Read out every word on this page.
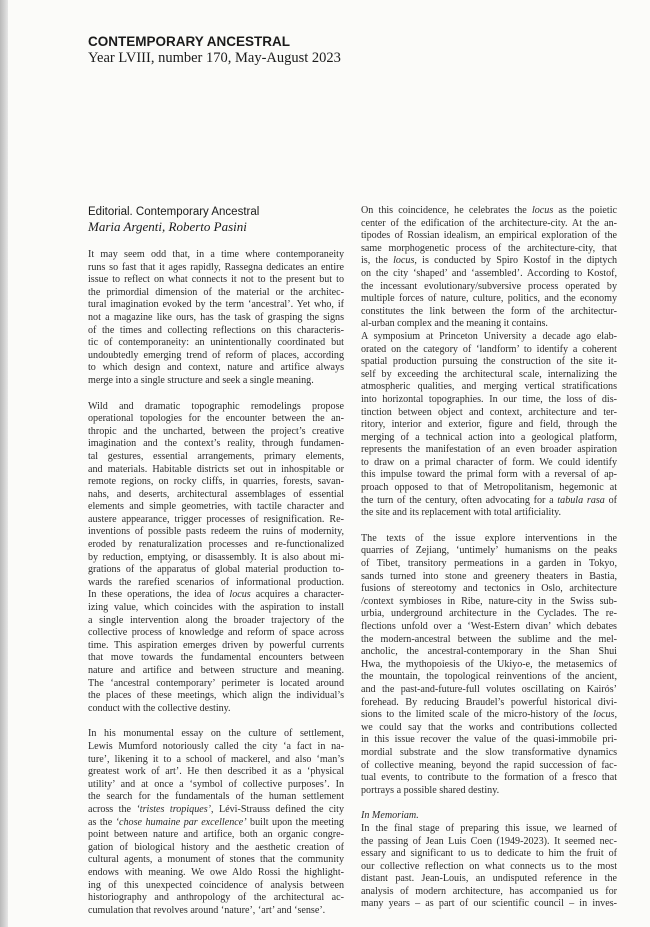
CONTEMPORARY ANCESTRAL
Year LVIII, number 170, May-August 2023
Editorial. Contemporary Ancestral
Maria Argenti, Roberto Pasini

It may seem odd that, in a time where contemporaneity

runs so fast that it ages rapidly, Rassegna dedicates an entire

issue to reflect on what connects it not to the present but to

the primordial dimension of the material or the architec-

tural imagination evoked by the term ‘ancestral’. Yet who, if

not a magazine like ours, has the task of grasping the signs

of the times and collecting reflections on this characteris-

tic of contemporaneity: an unintentionally coordinated but

undoubtedly emerging trend of reform of places, according

to which design and context, nature and artifice always

merge into a single structure and seek a single meaning.

Wild and dramatic topographic remodelings propose

operational topologies for the encounter between the an-

thropic and the uncharted, between the project’s creative

imagination and the context’s reality, through fundamen-

tal gestures, essential arrangements, primary elements,

and materials. Habitable districts set out in inhospitable or

remote regions, on rocky cliffs, in quarries, forests, savan-

nahs, and deserts, architectural assemblages of essential

elements and simple geometries, with tactile character and

austere appearance, trigger processes of resignification. Re-

inventions of possible pasts redeem the ruins of modernity,

eroded by renaturalization processes and re-functionalized

by reduction, emptying, or disassembly. It is also about mi-

grations of the apparatus of global material production to-

wards the rarefied scenarios of informational production.

In these operations, the idea of locus acquires a character-

izing value, which coincides with the aspiration to install

a single intervention along the broader trajectory of the

collective process of knowledge and reform of space across

time. This aspiration emerges driven by powerful currents

that move towards the fundamental encounters between

nature and artifice and between structure and meaning.

The ‘ancestral contemporary’ perimeter is located around

the places of these meetings, which align the individual’s

conduct with the collective destiny.

In his monumental essay on the culture of settlement,

Lewis Mumford notoriously called the city ‘a fact in na-

ture’, likening it to a school of mackerel, and also ‘man’s

greatest work of art’. He then described it as a ‘physical

utility’ and at once a ‘symbol of collective purposes’. In

the search for the fundamentals of the human settlement

across the ‘tristes tropiques’, Lévi-Strauss defined the city

as the ‘chose humaine par excellence’ built upon the meeting

point between nature and artifice, both an organic congre-

gation of biological history and the aesthetic creation of

cultural agents, a monument of stones that the community

endows with meaning. We owe Aldo Rossi the highlight-

ing of this unexpected coincidence of analysis between

historiography and anthropology of the architectural ac-

cumulation that revolves around ‘nature’, ‘art’ and ‘sense’.

On this coincidence, he celebrates the locus as the poietic

center of the edification of the architecture-city. At the an-

tipodes of Rossian idealism, an empirical exploration of the

same morphogenetic process of the architecture-city, that

is, the locus, is conducted by Spiro Kostof in the diptych

on the city ‘shaped’ and ‘assembled’. According to Kostof,

the incessant evolutionary/subversive process operated by

multiple forces of nature, culture, politics, and the economy

constitutes the link between the form of the architectur-

al-urban complex and the meaning it contains.

A symposium at Princeton University a decade ago elab-

orated on the category of ‘landform’ to identify a coherent

spatial production pursuing the construction of the site it-

self by exceeding the architectural scale, internalizing the

atmospheric qualities, and merging vertical stratifications

into horizontal topographies. In our time, the loss of dis-

tinction between object and context, architecture and ter-

ritory, interior and exterior, figure and field, through the

merging of a technical action into a geological platform,

represents the manifestation of an even broader aspiration

to draw on a primal character of form. We could identify

this impulse toward the primal form with a reversal of ap-

proach opposed to that of Metropolitanism, hegemonic at

the turn of the century, often advocating for a tabula rasa of

the site and its replacement with total artificiality.

The texts of the issue explore interventions in the

quarries of Zejiang, ‘untimely’ humanisms on the peaks

of Tibet, transitory permeations in a garden in Tokyo,

sands turned into stone and greenery theaters in Bastia,

fusions of stereotomy and tectonics in Oslo, architecture

/context symbioses in Ribe, nature-city in the Swiss sub-

urbia, underground architecture in the Cyclades. The re-

flections unfold over a ‘West-Estern divan’ which debates

the modern-ancestral between the sublime and the mel-

ancholic, the ancestral-contemporary in the Shan Shui

Hwa, the mythopoiesis of the Ukiyo-e, the metasemics of

the mountain, the topological reinventions of the ancient,

and the past-and-future-full volutes oscillating on Kairós’

forehead. By reducing Braudel’s powerful historical divi-

sions to the limited scale of the micro-history of the locus,

we could say that the works and contributions collected

in this issue recover the value of the quasi-immobile pri-

mordial substrate and the slow transformative dynamics

of collective meaning, beyond the rapid succession of fac-

tual events, to contribute to the formation of a fresco that

portrays a possible shared destiny.

In Memoriam.

In the final stage of preparing this issue, we learned of

the passing of Jean Luis Coen (1949-2023). It seemed nec-

essary and significant to us to dedicate to him the fruit of

our collective reflection on what connects us to the most

distant past. Jean-Louis, an undisputed reference in the

analysis of modern architecture, has accompanied us for

many years – as part of our scientific council – in inves-
